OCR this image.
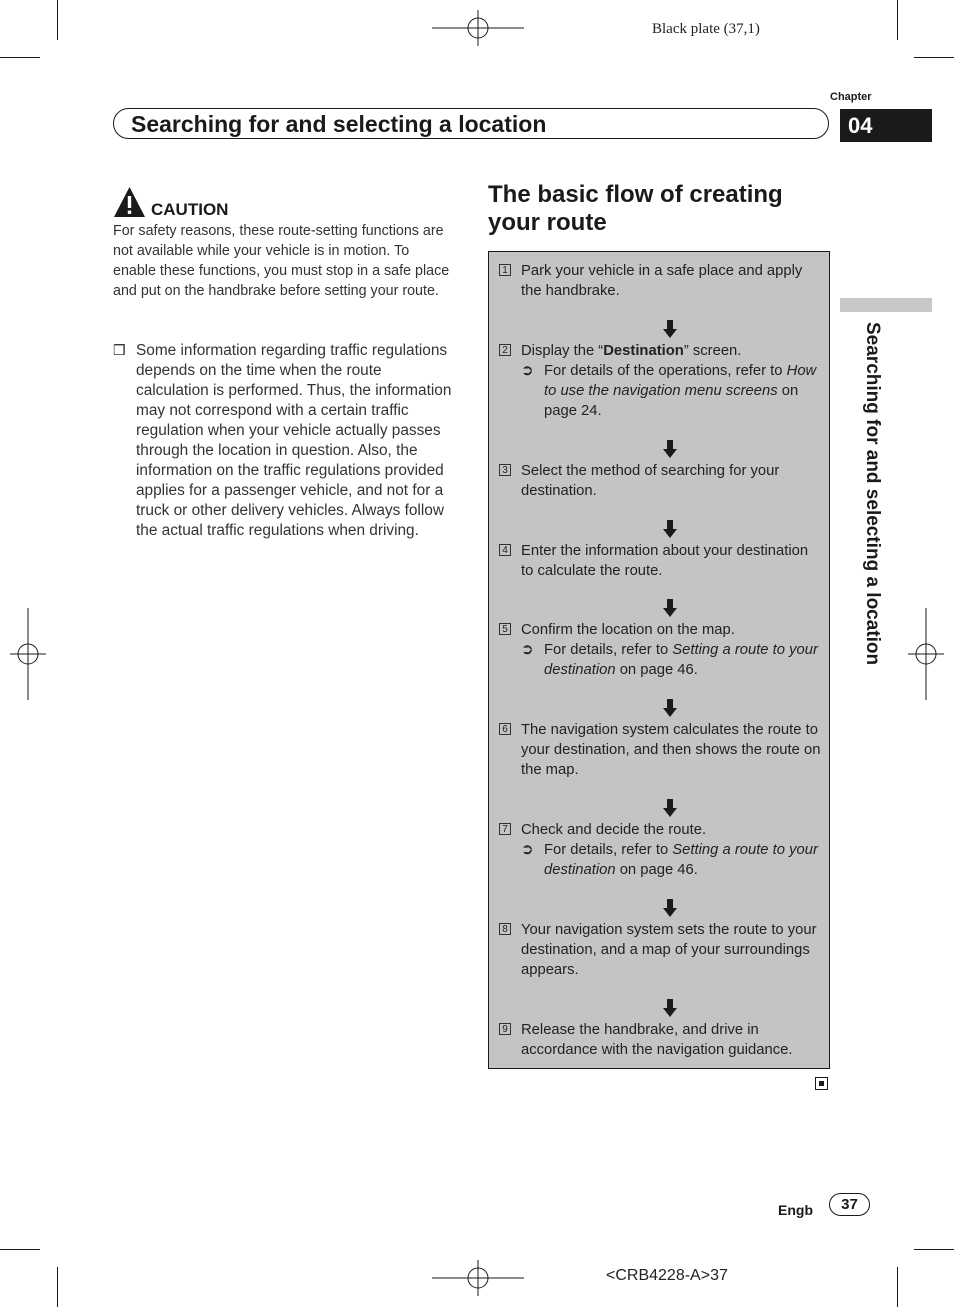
Black plate (37,1)
Chapter
04
Searching for and selecting a location
Searching for and selecting a location
CAUTION
For safety reasons, these route-setting functions are not available while your vehicle is in motion. To enable these functions, you must stop in a safe place and put on the handbrake before setting your route.
❒ Some information regarding traffic regulations depends on the time when the route calculation is performed. Thus, the information may not correspond with a certain traffic regulation when your vehicle actually passes through the location in question. Also, the information on the traffic regulations provided applies for a passenger vehicle, and not for a truck or other delivery vehicles. Always follow the actual traffic regulations when driving.
The basic flow of creating your route
1 Park your vehicle in a safe place and apply the handbrake.
2 Display the “Destination” screen.
➲ For details of the operations, refer to How to use the navigation menu screens on page 24.
3 Select the method of searching for your destination.
4 Enter the information about your destination to calculate the route.
5 Confirm the location on the map.
➲ For details, refer to Setting a route to your destination on page 46.
6 The navigation system calculates the route to your destination, and then shows the route on the map.
7 Check and decide the route.
➲ For details, refer to Setting a route to your destination on page 46.
8 Your navigation system sets the route to your destination, and a map of your surroundings appears.
9 Release the handbrake, and drive in accordance with the navigation guidance.
Engb	37
<CRB4228-A>37
